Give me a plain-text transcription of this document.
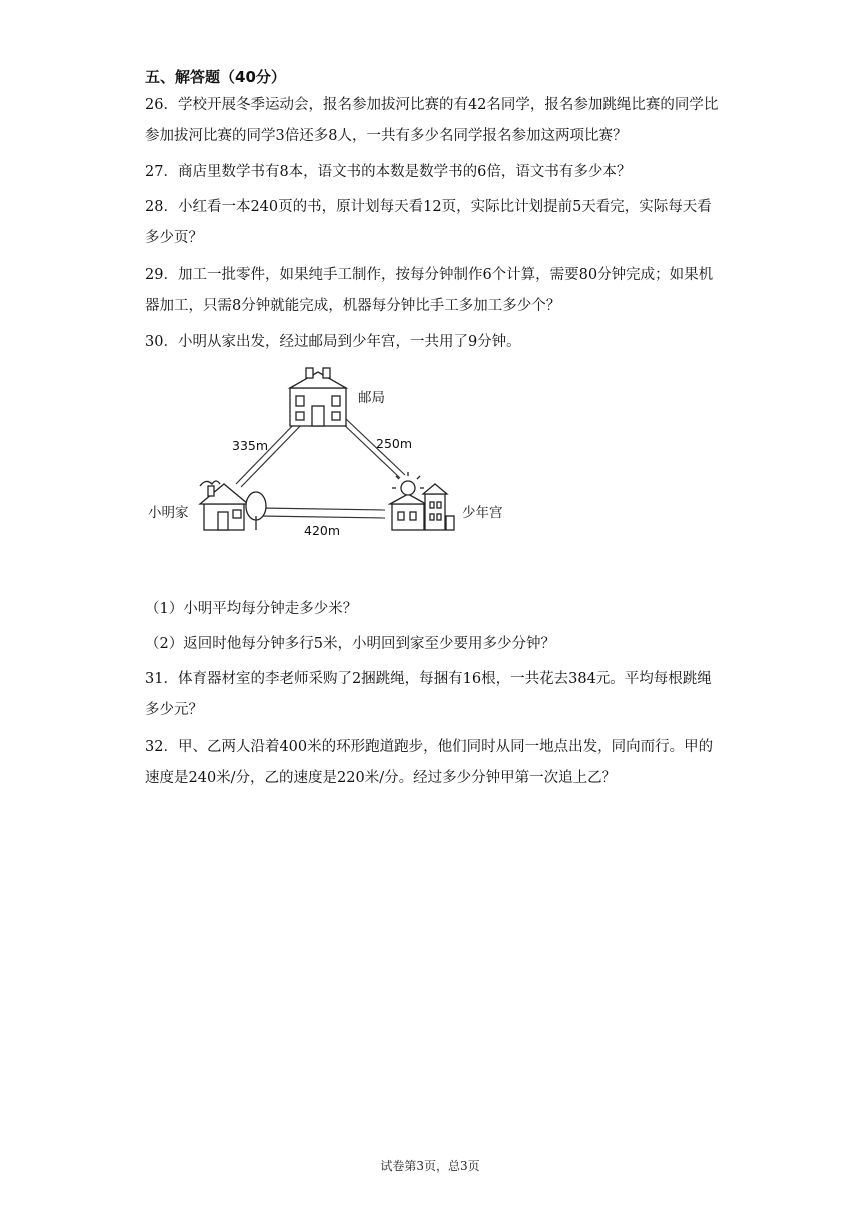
五、解答题（40分）
26．学校开展冬季运动会，报名参加拔河比赛的有42名同学，报名参加跳绳比赛的同学比参加拔河比赛的同学3倍还多8人，一共有多少名同学报名参加这两项比赛？
27．商店里数学书有8本，语文书的本数是数学书的6倍，语文书有多少本？
28．小红看一本240页的书，原计划每天看12页，实际比计划提前5天看完，实际每天看多少页？
29．加工一批零件，如果纯手工制作，按每分钟制作6个计算，需要80分钟完成；如果机器加工，只需8分钟就能完成，机器每分钟比手工多加工多少个？
30．小明从家出发，经过邮局到少年宫，一共用了9分钟。
邮局
小明家	少年宫
335m	250m
420m
（1）小明平均每分钟走多少米？
（2）返回时他每分钟多行5米，小明回到家至少要用多少分钟？
31．体育器材室的李老师采购了2捆跳绳，每捆有16根，一共花去384元。平均每根跳绳多少元？
32．甲、乙两人沿着400米的环形跑道跑步，他们同时从同一地点出发，同向而行。甲的速度是240米/分，乙的速度是220米/分。经过多少分钟甲第一次追上乙？
试卷第3页，总3页
